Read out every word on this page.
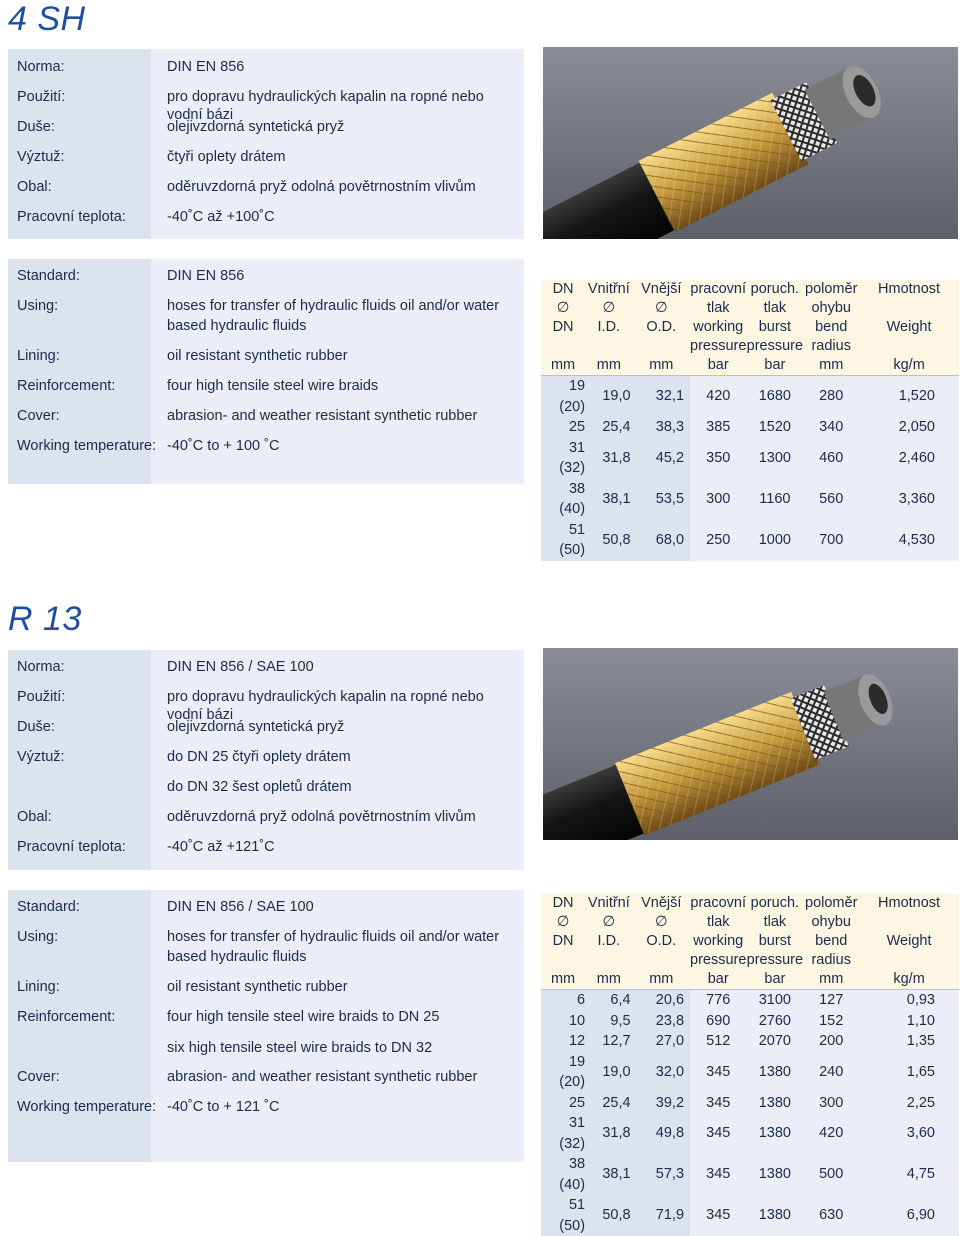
4 SH
Norma:	DIN EN 856
Použití:	pro dopravu hydraulických kapalin na ropné nebo vodní bázi
Duše:	olejivzdorná syntetická pryž
Výztuž:	čtyři oplety drátem
Obal:	oděruvzdorná pryž odolná povětrnostním vlivům
Pracovní teplota:	-40˚C až +100˚C
Standard:	DIN EN 856
Using:	hoses for transfer of hydraulic fluids oil and/or water
based hydraulic fluids
Lining:	oil resistant synthetic rubber
Reinforcement:	four high tensile steel wire braids
Cover:	abrasion- and weather resistant synthetic rubber
Working temperature: -40˚C to + 100 ˚C
DN	Vnitřní	Vnější	pracovní	poruch.	poloměr	Hmotnost
∅	∅	∅	tlak	tlak	ohybu	
DN	I.D.	O.D.	working	burst	bend	Weight
			pressure	pressure	radius	
mm	mm	mm	bar	bar	mm	kg/m
19 (20)	19,0	32,1	420	1680	280	1,520
25	25,4	38,3	385	1520	340	2,050
31 (32)	31,8	45,2	350	1300	460	2,460
38 (40)	38,1	53,5	300	1160	560	3,360
51 (50)	50,8	68,0	250	1000	700	4,530
R 13
Norma:	DIN EN 856 / SAE 100
Použití:	pro dopravu hydraulických kapalin na ropné nebo vodní bázi
Duše:	olejivzdorná syntetická pryž
Výztuž:	do DN 25 čtyři oplety drátem
do DN 32 šest opletů drátem
Obal:	oděruvzdorná pryž odolná povětrnostním vlivům
Pracovní teplota:	-40˚C až +121˚C
Standard:	DIN EN 856 / SAE 100
Using:	hoses for transfer of hydraulic fluids oil and/or water
based hydraulic fluids
Lining:	oil resistant synthetic rubber
Reinforcement:	four high tensile steel wire braids to DN 25
six high tensile steel wire braids to DN 32
Cover:	abrasion- and weather resistant synthetic rubber
Working temperature: -40˚C to + 121 ˚C
DN	Vnitřní	Vnější	pracovní	poruch.	poloměr	Hmotnost
∅	∅	∅	tlak	tlak	ohybu	
DN	I.D.	O.D.	working	burst	bend	Weight
			pressure	pressure	radius	
mm	mm	mm	bar	bar	mm	kg/m
6	6,4	20,6	776	3100	127	0,93
10	9,5	23,8	690	2760	152	1,10
12	12,7	27,0	512	2070	200	1,35
19 (20)	19,0	32,0	345	1380	240	1,65
25	25,4	39,2	345	1380	300	2,25
31 (32)	31,8	49,8	345	1380	420	3,60
38 (40)	38,1	57,3	345	1380	500	4,75
51 (50)	50,8	71,9	345	1380	630	6,90
